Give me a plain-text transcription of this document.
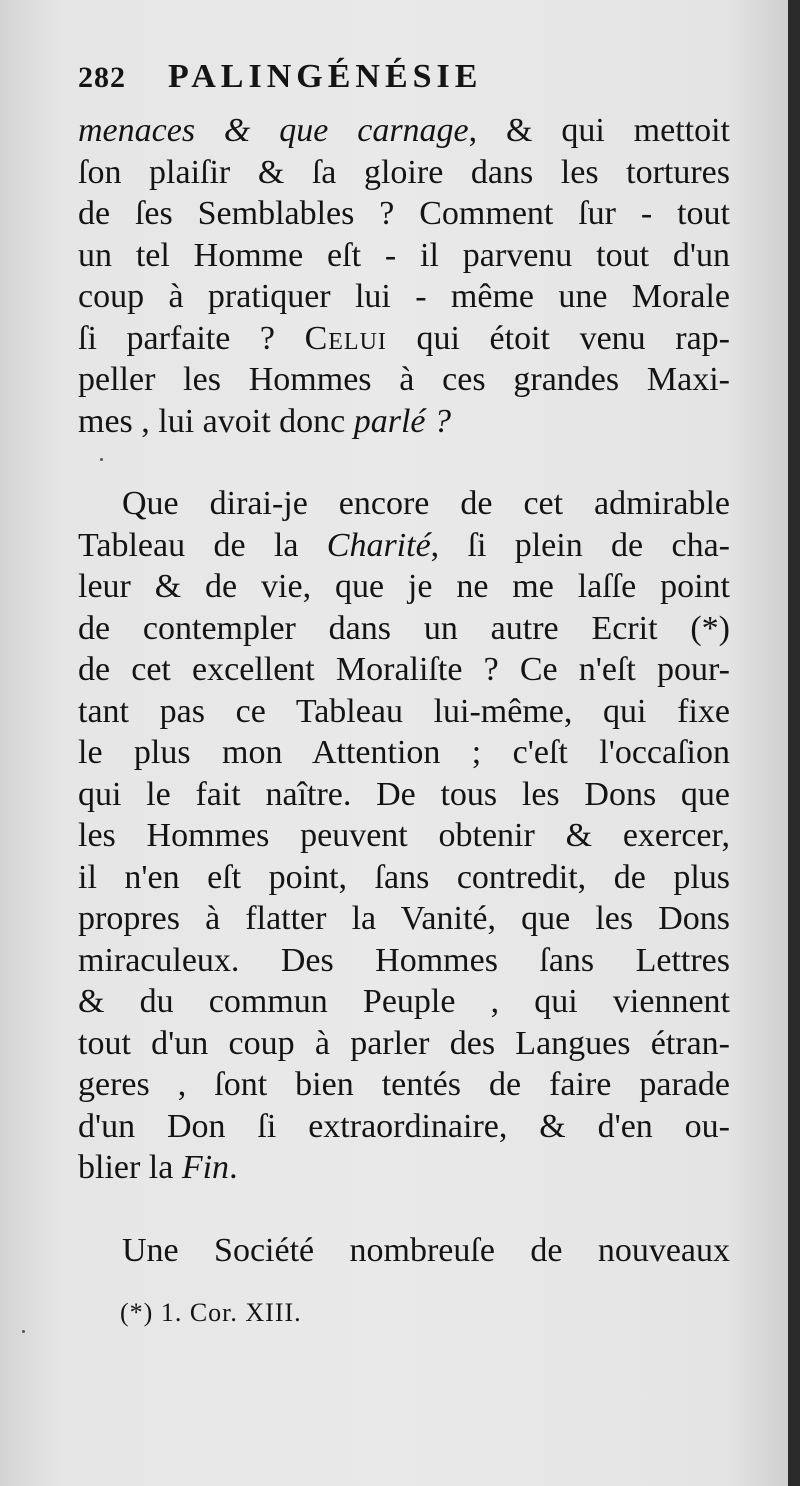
282	PALINGÉNÉSIE
menaces & que carnage, & qui mettoit
ſon plaiſir & ſa gloire dans les tortures
de ſes Semblables ? Comment ſur - tout
un tel Homme eſt - il parvenu tout d'un
coup à pratiquer lui - même une Morale
ſi parfaite ? Celui qui étoit venu rap-
peller les Hommes à ces grandes Maxi-
mes , lui avoit donc parlé ?
Que dirai-je encore de cet admirable
Tableau de la Charité, ſi plein de cha-
leur & de vie, que je ne me laſſe point
de contempler dans un autre Ecrit (*)
de cet excellent Moraliſte ? Ce n'eſt pour-
tant pas ce Tableau lui-même, qui fixe
le plus mon Attention ; c'eſt l'occaſion
qui le fait naître. De tous les Dons que
les Hommes peuvent obtenir & exercer,
il n'en eſt point, ſans contredit, de plus
propres à flatter la Vanité, que les Dons
miraculeux. Des Hommes ſans Lettres
& du commun Peuple , qui viennent
tout d'un coup à parler des Langues étran-
geres , ſont bien tentés de faire parade
d'un Don ſi extraordinaire, & d'en ou-
blier la Fin.
Une Société nombreuſe de nouveaux
(*) 1. Cor. XIII.
